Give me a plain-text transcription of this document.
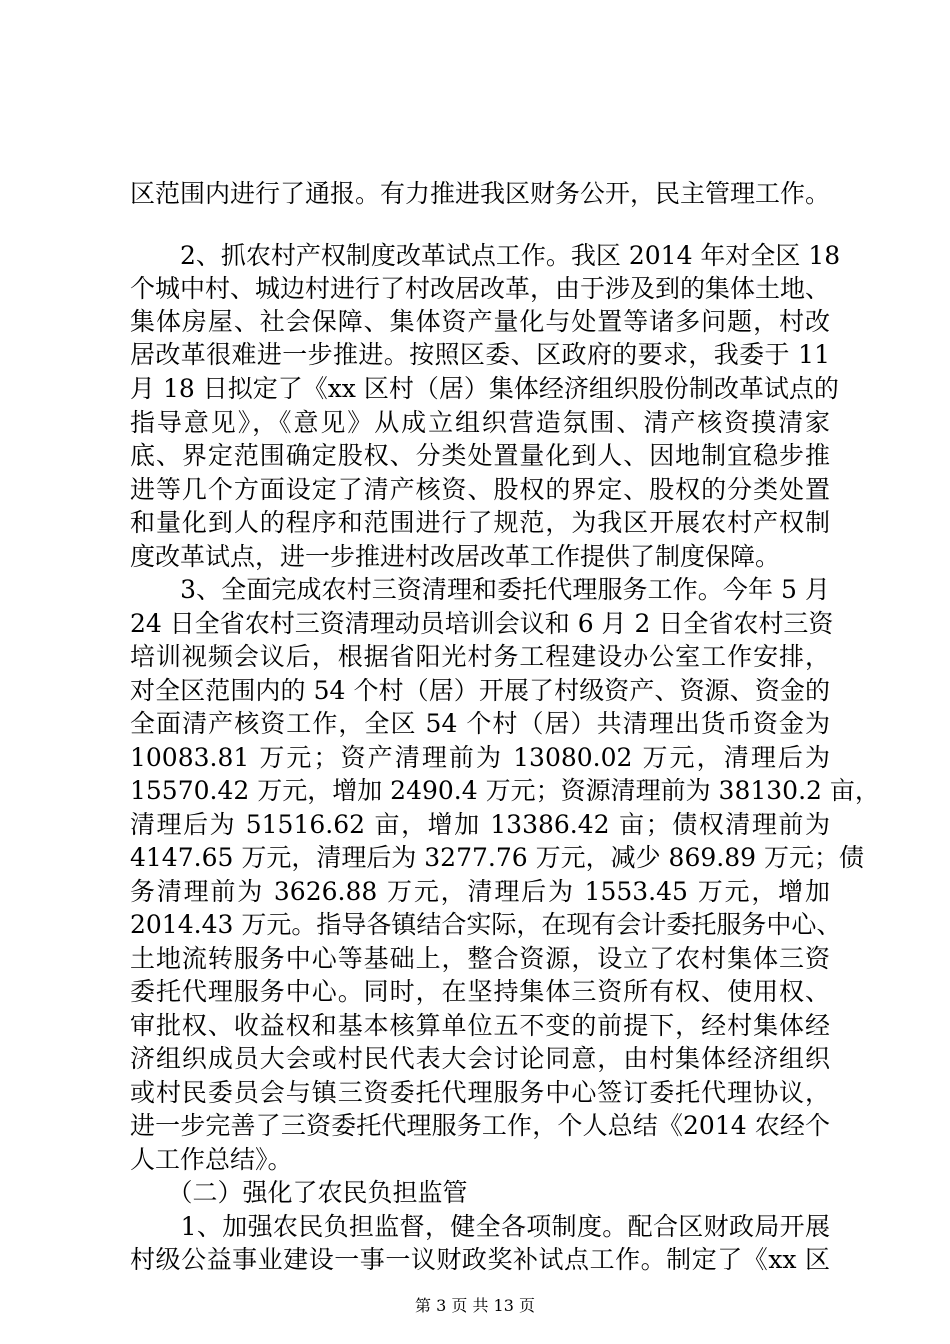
区范围内进行了通报。有力推进我区财务公开，民主管理工作。
　　2、抓农村产权制度改革试点工作。我区 2014 年对全区 18
个城中村、城边村进行了村改居改革，由于涉及到的集体土地、
集体房屋、社会保障、集体资产量化与处置等诸多问题，村改
居改革很难进一步推进。按照区委、区政府的要求，我委于 11
月 18 日拟定了《xx 区村（居）集体经济组织股份制改革试点的
指导意见》，《意见》从成立组织营造氛围、清产核资摸清家
底、界定范围确定股权、分类处置量化到人、因地制宜稳步推
进等几个方面设定了清产核资、股权的界定、股权的分类处置
和量化到人的程序和范围进行了规范，为我区开展农村产权制
度改革试点，进一步推进村改居改革工作提供了制度保障。
　　3、全面完成农村三资清理和委托代理服务工作。今年 5 月
24 日全省农村三资清理动员培训会议和 6 月 2 日全省农村三资
培训视频会议后，根据省阳光村务工程建设办公室工作安排，
对全区范围内的 54 个村（居）开展了村级资产、资源、资金的
全面清产核资工作，全区 54 个村（居）共清理出货币资金为
10083.81 万元；资产清理前为 13080.02 万元，清理后为
15570.42 万元，增加 2490.4 万元；资源清理前为 38130.2 亩，
清理后为 51516.62 亩，增加 13386.42 亩；债权清理前为
4147.65 万元，清理后为 3277.76 万元，减少 869.89 万元；债
务清理前为 3626.88 万元，清理后为 1553.45 万元，增加
2014.43 万元。指导各镇结合实际，在现有会计委托服务中心、
土地流转服务中心等基础上，整合资源，设立了农村集体三资
委托代理服务中心。同时，在坚持集体三资所有权、使用权、
审批权、收益权和基本核算单位五不变的前提下，经村集体经
济组织成员大会或村民代表大会讨论同意，由村集体经济组织
或村民委员会与镇三资委托代理服务中心签订委托代理协议，
进一步完善了三资委托代理服务工作，个人总结《2014 农经个
人工作总结》。
　　（二）强化了农民负担监管
　　1、加强农民负担监督，健全各项制度。配合区财政局开展
村级公益事业建设一事一议财政奖补试点工作。制定了《xx 区
第 3 页 共 13 页
